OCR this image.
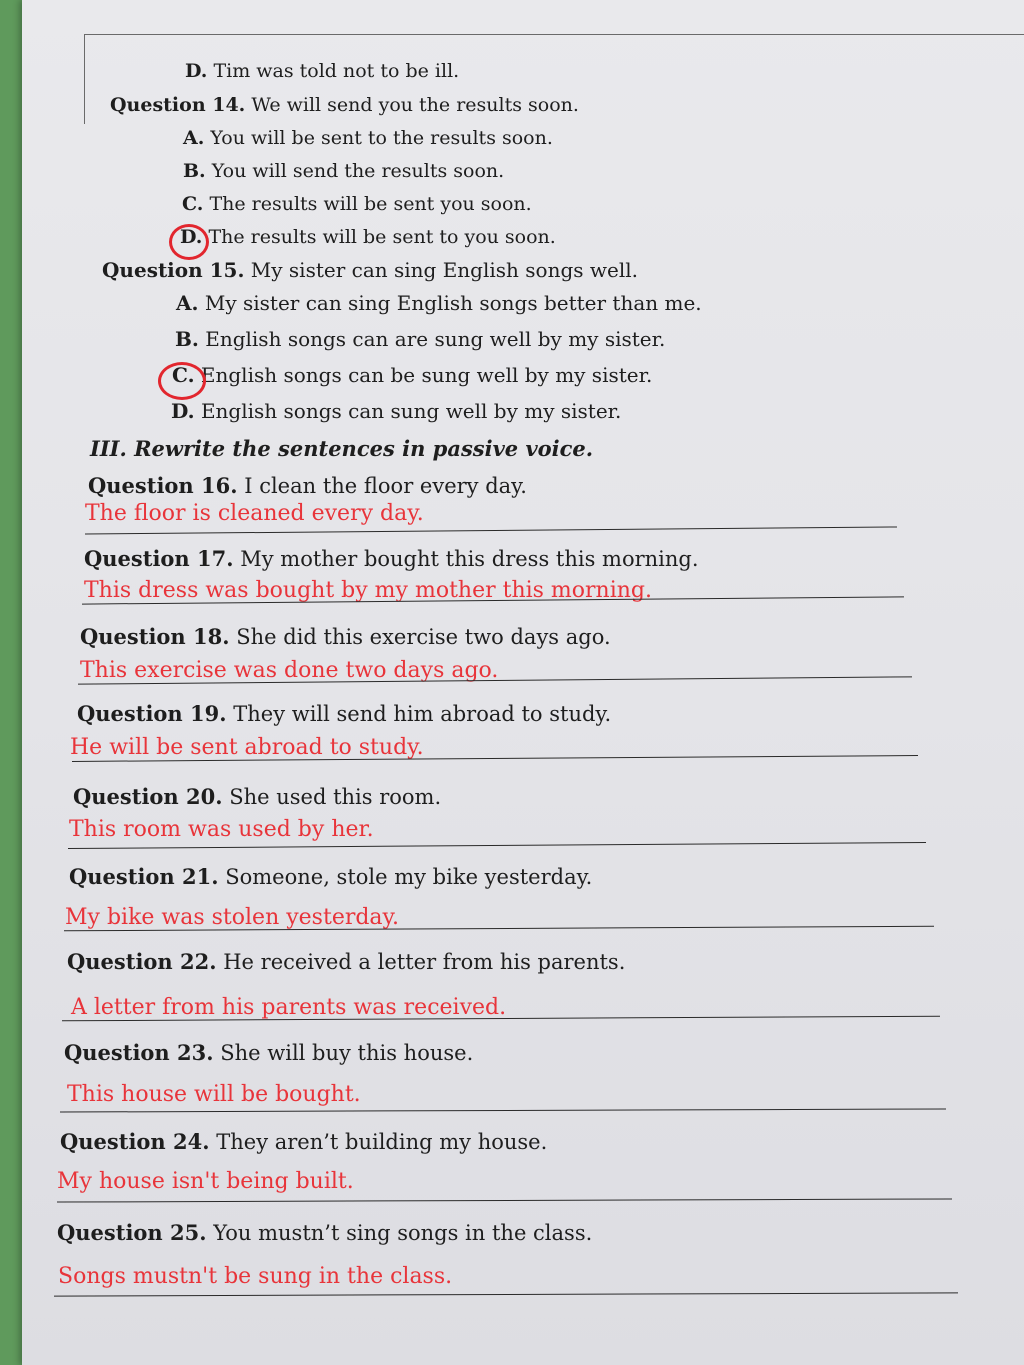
D. Tim was told not to be ill.
Question 14. We will send you the results soon.
A. You will be sent to the results soon.
B. You will send the results soon.
C. The results will be sent you soon.
D. The results will be sent to you soon.
Question 15. My sister can sing English songs well.
A. My sister can sing English songs better than me.
B. English songs can are sung well by my sister.
C. English songs can be sung well by my sister.
D. English songs can sung well by my sister.
III. Rewrite the sentences in passive voice.
Question 16. I clean the floor every day.
The floor is cleaned every day.
Question 17. My mother bought this dress this morning.
This dress was bought by my mother this morning.
Question 18. She did this exercise two days ago.
This exercise was done two days ago.
Question 19. They will send him abroad to study.
He will be sent abroad to study.
Question 20. She used this room.
This room was used by her.
Question 21. Someone, stole my bike yesterday.
My bike was stolen yesterday.
Question 22. He received a letter from his parents.
A letter from his parents was received.
Question 23. She will buy this house.
This house will be bought.
Question 24. They aren’t building my house.
My house isn't being built.
Question 25. You mustn’t sing songs in the class.
Songs mustn't be sung in the class.
